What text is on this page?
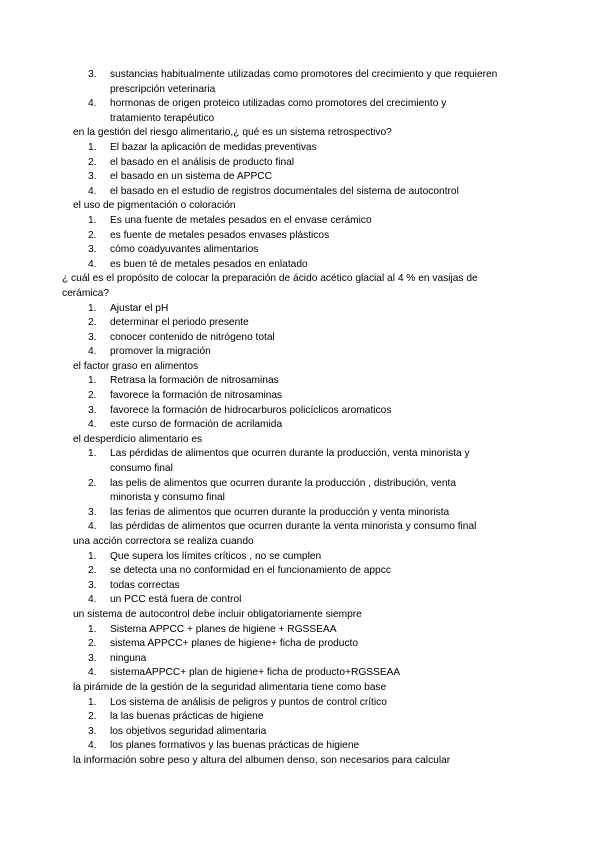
3.	sustancias habitualmente utilizadas como promotores del crecimiento y que requieren prescripción veterinaria
4.	hormonas de origen proteico utilizadas como promotores del crecimiento y tratamiento terapéutico
en la gestión del riesgo alimentario,¿ qué es un sistema retrospectivo?
1.	El bazar la aplicación de medidas preventivas
2.	el basado en el análisis de producto final
3.	el basado en un sistema de APPCC
4.	el basado en el estudio de registros documentales del sistema de autocontrol
el uso de pigmentación o coloración
1.	Es una fuente de metales pesados en el envase cerámico
2.	es fuente de metales pesados envases plásticos
3.	cómo coadyuvantes alimentarios
4.	es buen té de metales pesados en enlatado
¿ cuál es el propósito de colocar la preparación de ácido acético glacial al 4 % en vasijas de cerámica?
1.	Ajustar el pH
2.	determinar el periodo presente
3.	conocer contenido de nitrógeno total
4.	promover la migración
el factor graso en alimentos
1.	Retrasa la formación de nitrosaminas
2.	favorece la formación de nitrosaminas
3.	favorece la formación de hidrocarburos policíclicos aromaticos
4.	este curso de formación de acrilamida
el desperdicio alimentario es
1.	Las pérdidas de alimentos que ocurren durante la producción, venta minorista y consumo final
2.	las pelis de alimentos que ocurren durante la producción , distribución, venta minorista y consumo final
3.	las ferias de alimentos que ocurren durante la producción y venta minorista
4.	las pérdidas de alimentos que ocurren durante la venta minorista y consumo final
una acción correctora se realiza cuando
1.	Que supera los límites críticos , no se cumplen
2.	se detecta una no conformidad en el funcionamiento de appcc
3.	todas correctas
4.	un PCC está fuera de control
un sistema de autocontrol debe incluir obligatoriamente siempre
1.	Sistema APPCC + planes de higiene + RGSSEAA
2.	sistema APPCC+ planes de higiene+ ficha de producto
3.	ninguna
4.	sistemaAPPCC+ plan de higiene+ ficha de producto+RGSSEAA
la pirámide de la gestión de la seguridad alimentaria tiene como base
1.	Los sistema de análisis de peligros y puntos de control crítico
2.	la las buenas prácticas de higiene
3.	los objetivos seguridad alimentaria
4.	los planes formativos y las buenas prácticas de higiene
la información sobre peso y altura del albumen denso, son necesarios para calcular
